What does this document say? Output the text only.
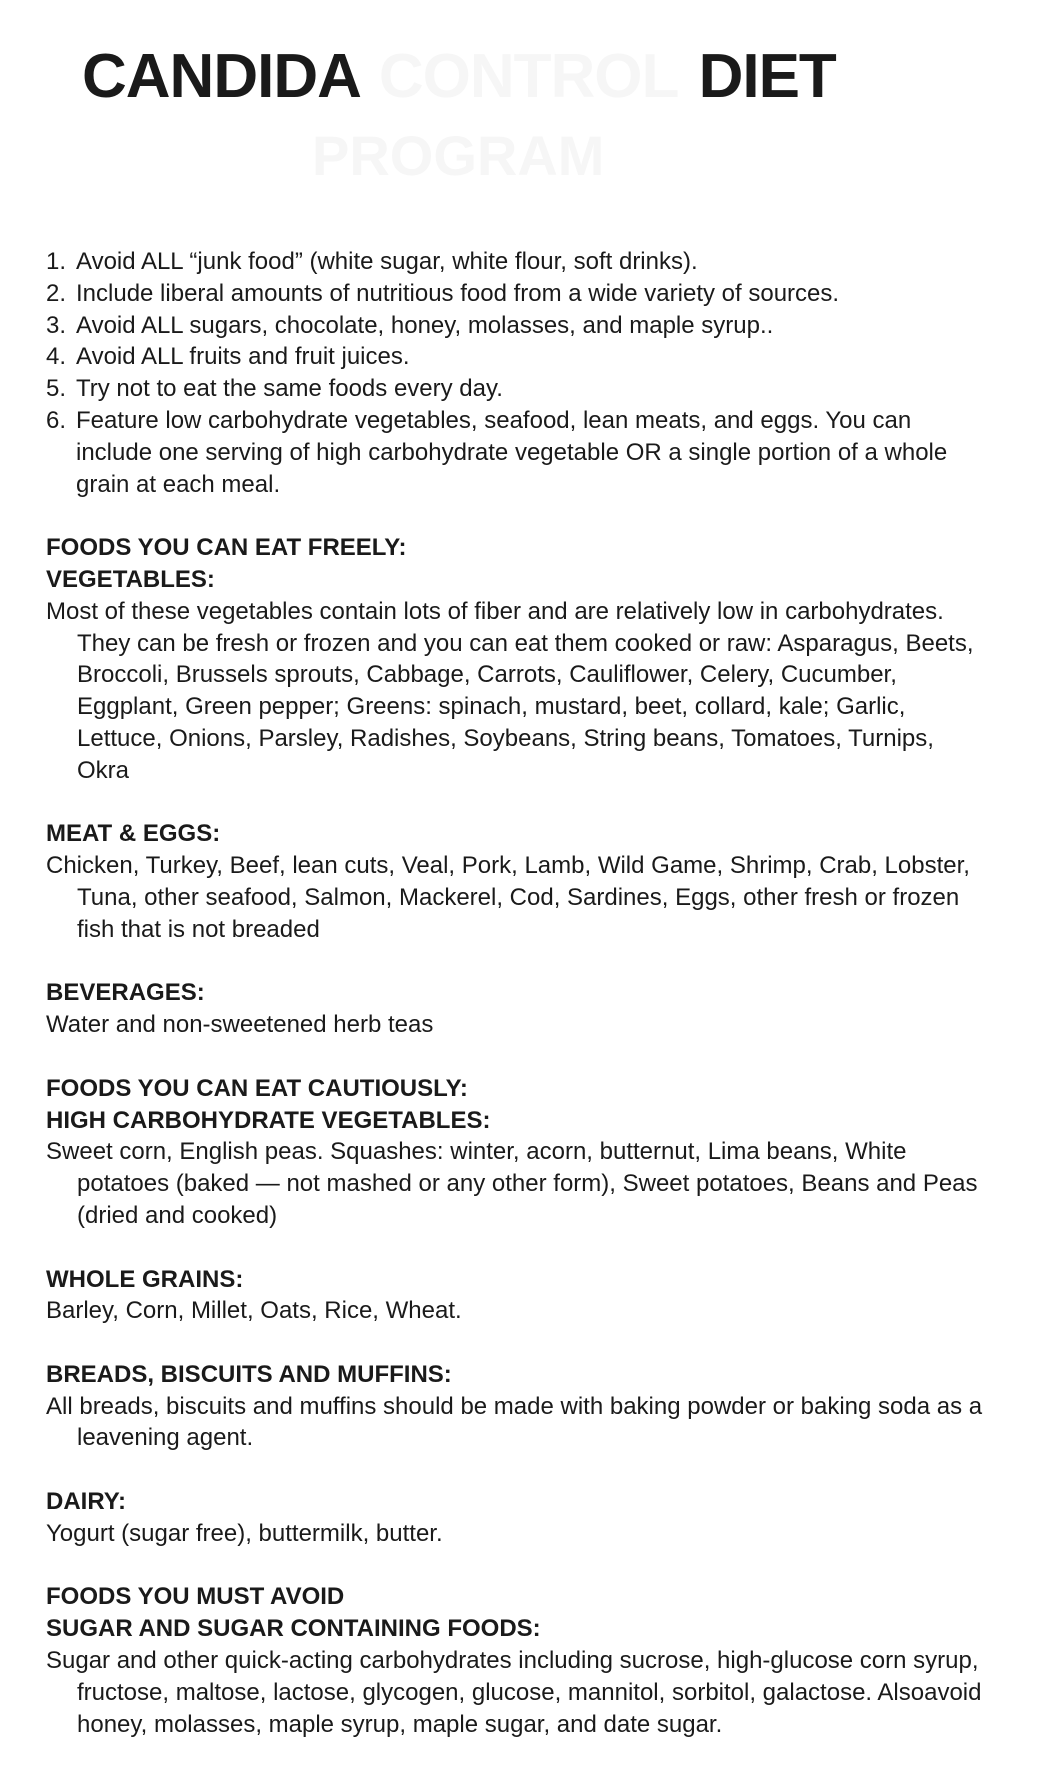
CANDIDA CONTROL DIET
PROGRAM
1. Avoid ALL “junk food” (white sugar, white flour, soft drinks).
2. Include liberal amounts of nutritious food from a wide variety of sources.
3. Avoid ALL sugars, chocolate, honey, molasses, and maple syrup..
4. Avoid ALL fruits and fruit juices.
5. Try not to eat the same foods every day.
6. Feature low carbohydrate vegetables, seafood, lean meats, and eggs. You can include one serving of high carbohydrate vegetable OR a single portion of a whole grain at each meal.

FOODS YOU CAN EAT FREELY:

VEGETABLES:

Most of these vegetables contain lots of fiber and are relatively low in carbohydrates. They can be fresh or frozen and you can eat them cooked or raw: Asparagus, Beets, Broccoli, Brussels sprouts, Cabbage, Carrots, Cauliflower, Celery, Cucumber, Eggplant, Green pepper; Greens: spinach, mustard, beet, collard, kale; Garlic, Lettuce, Onions, Parsley, Radishes, Soybeans, String beans, Tomatoes, Turnips, Okra

MEAT & EGGS:

Chicken, Turkey, Beef, lean cuts, Veal, Pork, Lamb, Wild Game, Shrimp, Crab, Lobster, Tuna, other seafood, Salmon, Mackerel, Cod, Sardines, Eggs, other fresh or frozen fish that is not breaded

BEVERAGES:

Water and non-sweetened herb teas

FOODS YOU CAN EAT CAUTIOUSLY:

HIGH CARBOHYDRATE VEGETABLES:

Sweet corn, English peas. Squashes: winter, acorn, butternut, Lima beans, White potatoes (baked — not mashed or any other form), Sweet potatoes, Beans and Peas (dried and cooked)

WHOLE GRAINS:

Barley, Corn, Millet, Oats, Rice, Wheat.

BREADS, BISCUITS AND MUFFINS:

All breads, biscuits and muffins should be made with baking powder or baking soda as a leavening agent.

DAIRY:

Yogurt (sugar free), buttermilk, butter.

FOODS YOU MUST AVOID

SUGAR AND SUGAR CONTAINING FOODS:

Sugar and other quick-acting carbohydrates including sucrose, high-glucose corn syrup, fructose, maltose, lactose, glycogen, glucose, mannitol, sorbitol, galactose. Alsoavoid honey, molasses, maple syrup, maple sugar, and date sugar.
